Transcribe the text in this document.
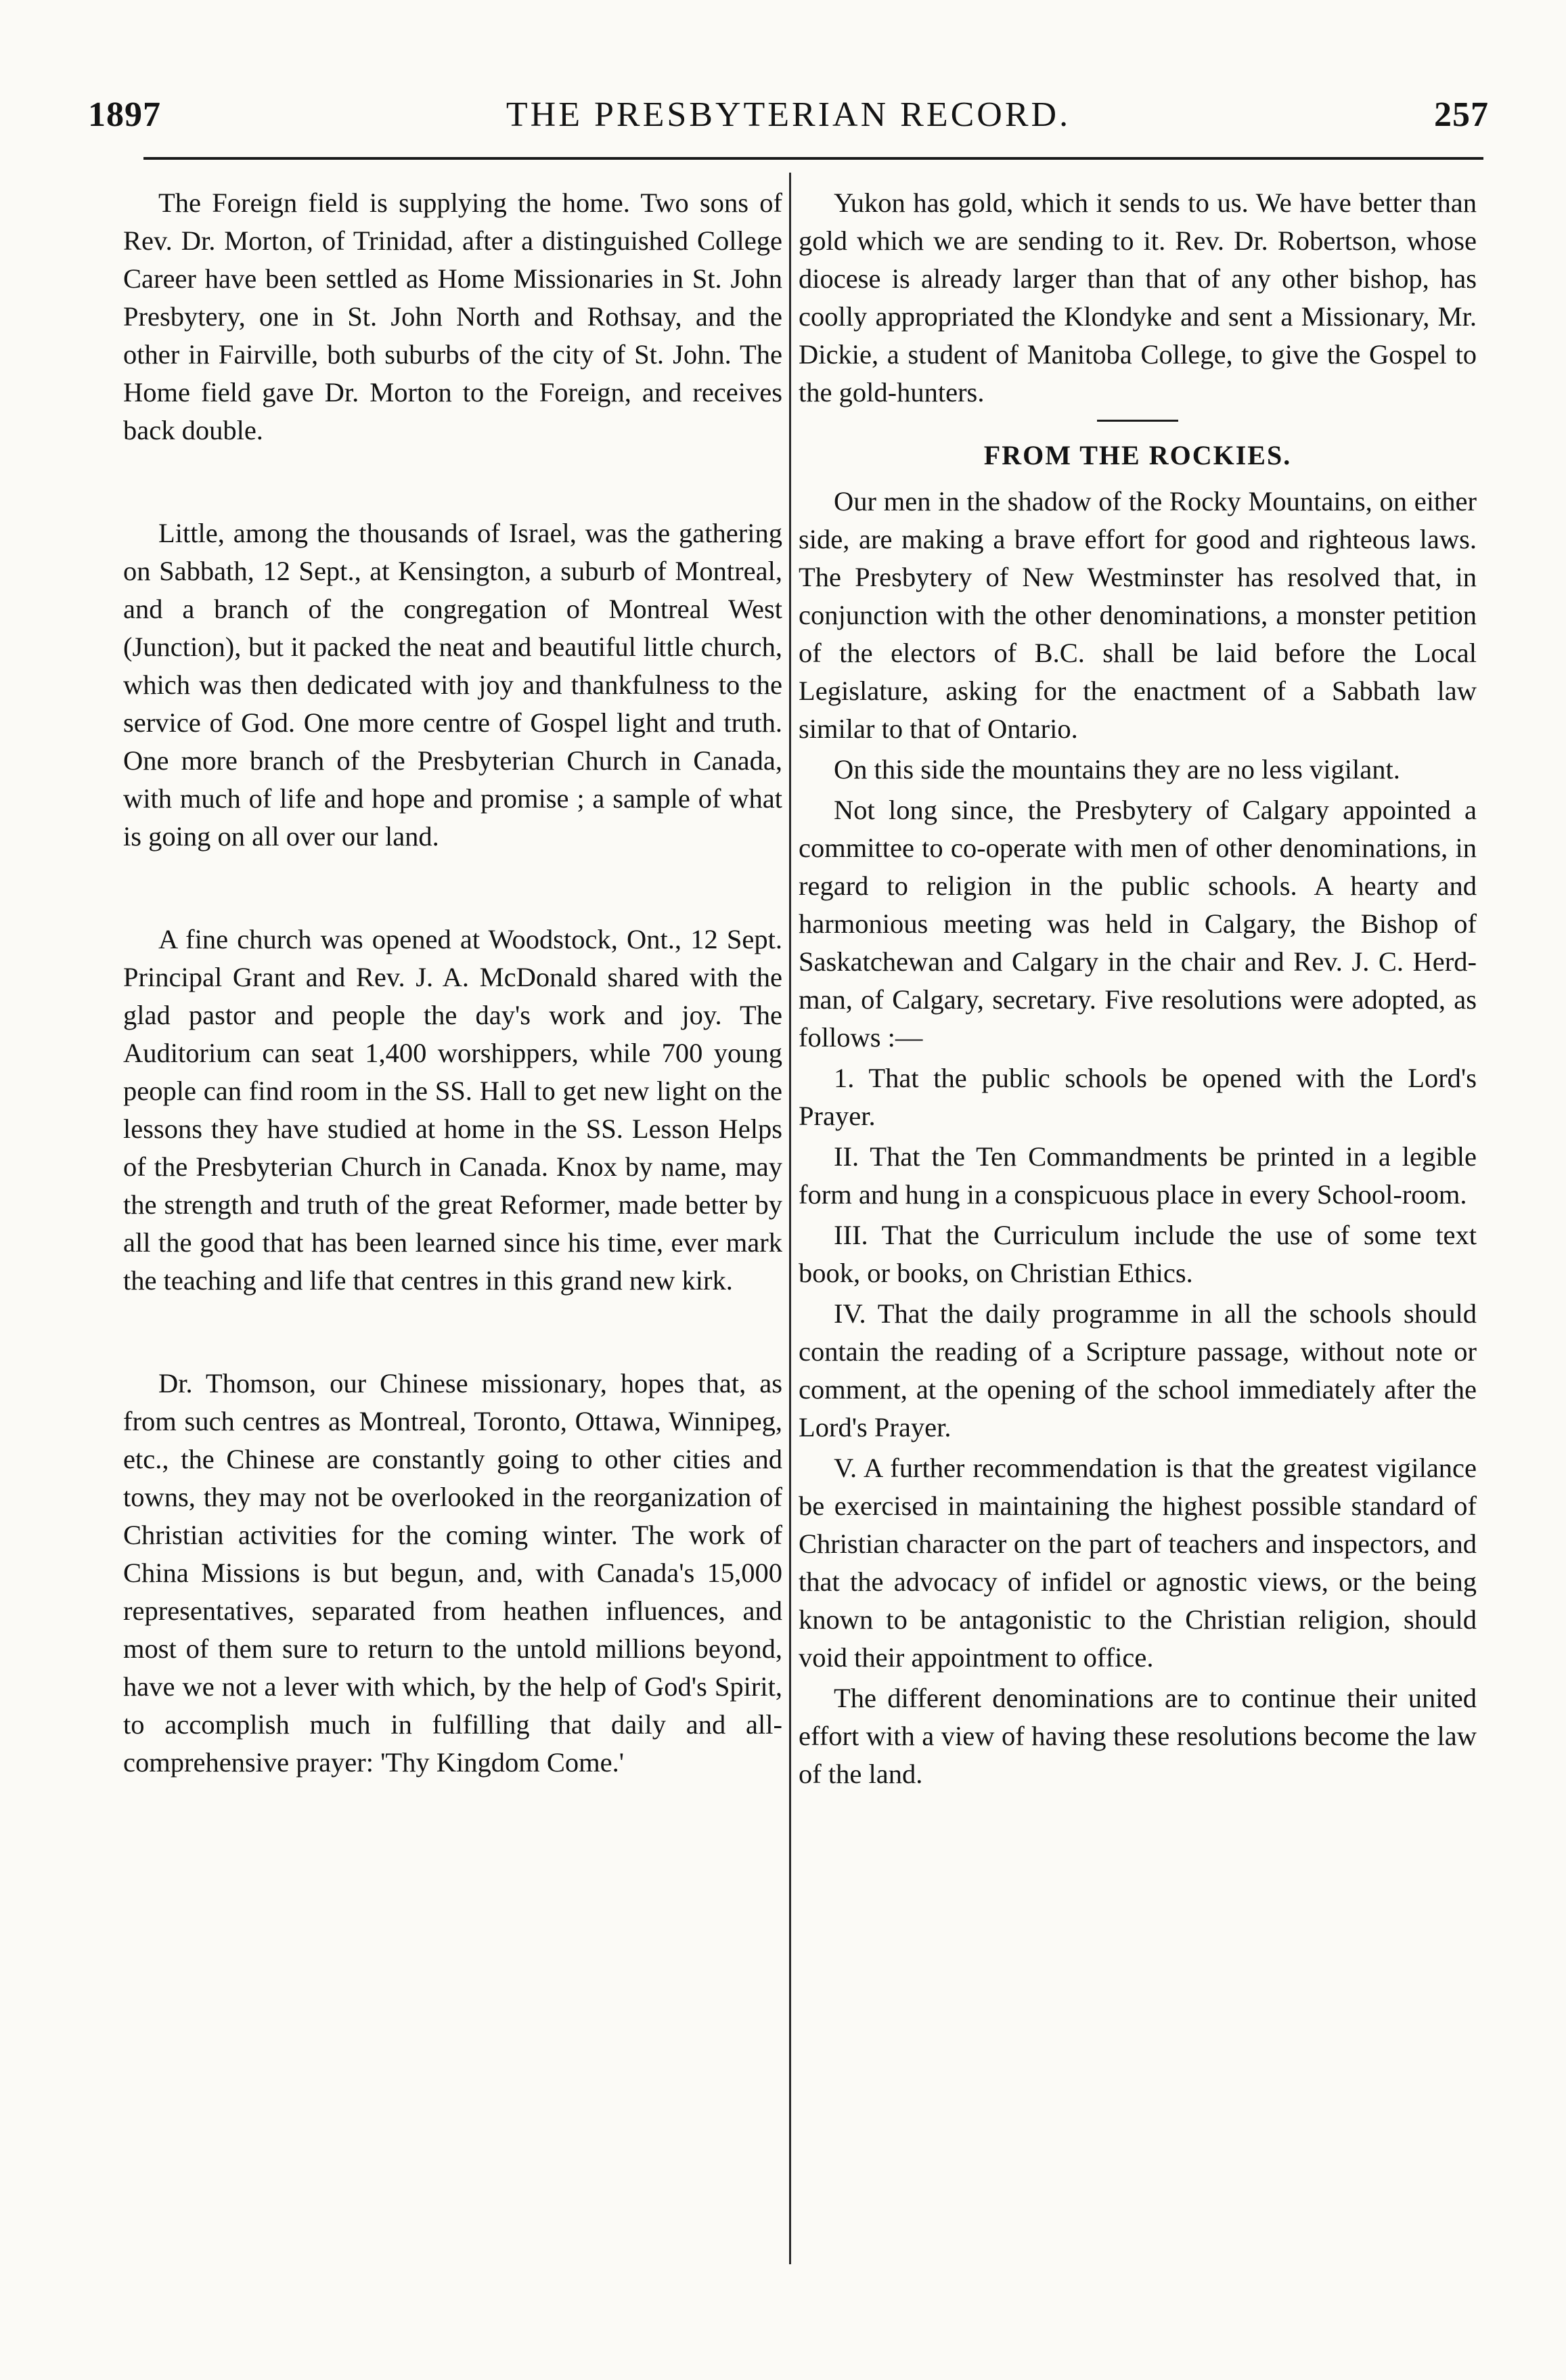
1897	THE PRESBYTERIAN RECORD.	257

The Foreign field is supplying the home. Two sons of Rev. Dr. Morton, of Trinidad, after a distinguished College Career have been settled as Home Missionaries in St. John Presbytery, one in St. John North and Rothsay, and the other in Fairville, both suburbs of the city of St. John. The Home field gave Dr. Morton to the Foreign, and receives back double.

Little, among the thousands of Israel, was the gathering on Sabbath, 12 Sept., at Kensington, a suburb of Montreal, and a branch of the congregation of Montreal West (Junction), but it packed the neat and beautiful little church, which was then dedicated with joy and thankfulness to the service of God. One more centre of Gospel light and truth. One more branch of the Presbyterian Church in Canada, with much of life and hope and promise ; a sample of what is going on all over our land.

A fine church was opened at Woodstock, Ont., 12 Sept. Principal Grant and Rev. J. A. McDonald shared with the glad pastor and people the day's work and joy. The Auditorium can seat 1,400 worshippers, while 700 young people can find room in the SS. Hall to get new light on the lessons they have studied at home in the SS. Lesson Helps of the Presbyterian Church in Canada. Knox by name, may the strength and truth of the great Reformer, made better by all the good that has been learned since his time, ever mark the teaching and life that centres in this grand new kirk.

Dr. Thomson, our Chinese missionary, hopes that, as from such centres as Montreal, Toronto, Ottawa, Winnipeg, etc., the Chinese are constantly going to other cities and towns, they may not be overlooked in the reorganization of Christian activities for the coming winter. The work of China Missions is but begun, and, with Canada's 15,000 representatives, separated from heathen influences, and most of them sure to return to the untold millions beyond, have we not a lever with which, by the help of God's Spirit, to accomplish much in fulfilling that daily and all-comprehensive prayer: 'Thy Kingdom Come.'

Yukon has gold, which it sends to us. We have better than gold which we are sending to it. Rev. Dr. Robertson, whose diocese is already larger than that of any other bishop, has coolly appropriated the Klondyke and sent a Missionary, Mr. Dickie, a student of Manitoba College, to give the Gospel to the gold-hunters.

FROM THE ROCKIES.

Our men in the shadow of the Rocky Mountains, on either side, are making a brave effort for good and righteous laws. The Presbytery of New Westminster has resolved that, in conjunction with the other denominations, a monster petition of the electors of B.C. shall be laid before the Local Legislature, asking for the enactment of a Sabbath law similar to that of Ontario.

On this side the mountains they are no less vigilant.

Not long since, the Presbytery of Calgary appointed a committee to co-operate with men of other denominations, in regard to religion in the public schools. A hearty and harmonious meeting was held in Calgary, the Bishop of Saskatchewan and Calgary in the chair and Rev. J. C. Herdman, of Calgary, secretary. Five resolutions were adopted, as follows :—

1. That the public schools be opened with the Lord's Prayer.

II. That the Ten Commandments be printed in a legible form and hung in a conspicuous place in every School-room.

III. That the Curriculum include the use of some text book, or books, on Christian Ethics.

IV. That the daily programme in all the schools should contain the reading of a Scripture passage, without note or comment, at the opening of the school immediately after the Lord's Prayer.

V. A further recommendation is that the greatest vigilance be exercised in maintaining the highest possible standard of Christian character on the part of teachers and inspectors, and that the advocacy of infidel or agnostic views, or the being known to be antagonistic to the Christian religion, should void their appointment to office.

The different denominations are to continue their united effort with a view of having these resolutions become the law of the land.
